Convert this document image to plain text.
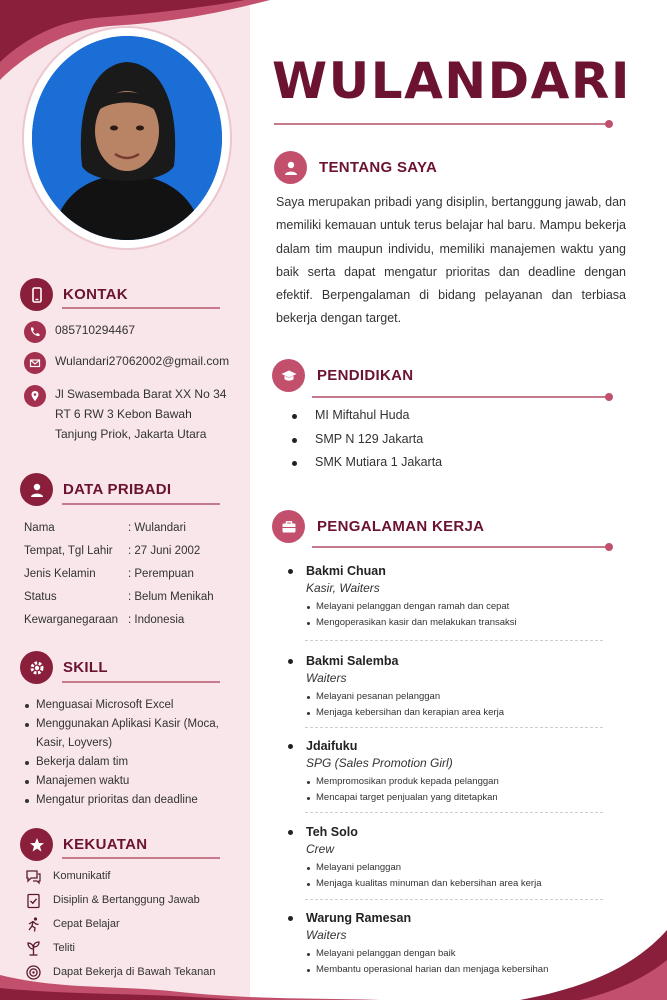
KONTAK
085710294467
Wulandari27062002@gmail.com
Jl Swasembada Barat XX No 34
RT 6 RW 3 Kebon Bawah
Tanjung Priok, Jakarta Utara
DATA PRIBADI
Nama	: Wulandari
Tempat, Tgl Lahir	: 27 Juni 2002
Jenis Kelamin	: Perempuan
Status	: Belum Menikah
Kewarganegaraan : Indonesia
SKILL
Menguasai Microsoft Excel
Menggunakan Aplikasi Kasir (Moca, Kasir, Loyvers)
Bekerja dalam tim
Manajemen waktu
Mengatur prioritas dan deadline
KEKUATAN
Komunikatif
Disiplin & Bertanggung Jawab
Cepat Belajar
Teliti
Dapat Bekerja di Bawah Tekanan
WULANDARI
TENTANG SAYA
Saya merupakan pribadi yang disiplin, bertanggung jawab, dan memiliki kemauan untuk terus belajar hal baru. Mampu bekerja dalam tim maupun individu, memiliki manajemen waktu yang baik serta dapat mengatur prioritas dan deadline dengan efektif. Berpengalaman di bidang pelayanan dan terbiasa bekerja dengan target.
PENDIDIKAN
MI Miftahul Huda
SMP N 129 Jakarta
SMK Mutiara 1 Jakarta
PENGALAMAN KERJA
Bakmi Chuan
Kasir, Waiters
Melayani pelanggan dengan ramah dan cepat
Mengoperasikan kasir dan melakukan transaksi
Bakmi Salemba
Waiters
Melayani pesanan pelanggan
Menjaga kebersihan dan kerapian area kerja
Jdaifuku
SPG (Sales Promotion Girl)
Mempromosikan produk kepada pelanggan
Mencapai target penjualan yang ditetapkan
Teh Solo
Crew
Melayani pelanggan
Menjaga kualitas minuman dan kebersihan area kerja
Warung Ramesan
Waiters
Melayani pelanggan dengan baik
Membantu operasional harian dan menjaga kebersihan
